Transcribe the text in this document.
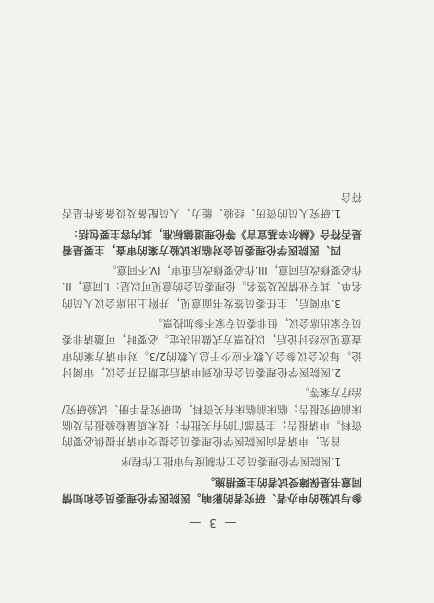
— 3 —

参与试验的申办者、研究者的影响。医院医学伦理委员会和知情同意书是保障受试者的主要措施。

1.医院医学伦理委员会工作制度与审批工作程序

首先，申请者向医院医学伦理委员会提交申请并提供必要的资料。申请报告；主管部门的有关批件；技术质量检验报告及临床前研究报告；临床前临床有关资料，如研究者手册、试验研究/治疗方案等。

2.医院医学伦理委员会在收到申请后定期召开会议，审阅讨论。每次会议参会人数不应少于总人数的2/3。对申请方案的审查意见应经讨论后，以投票方式做出决定。必要时，可邀请非委员专家出席会议，但非委员专家不参加投票。

3.审阅后，主任委员签发书面意见，并附上出席会议人员的名单、其专业情况及签名。伦理委员会的意见可以是：I.同意，II.作必要修改后同意，III.作必要修改后重审，IV.不同意。

四、医院医学伦理委员会对临床试验方案的审查，主要是看是否符合《赫尔辛基宣言》等伦理道德标准，其内容主要包括：

1.研究人员的资历、经验、能力、人员配备及设备条件是否符合
